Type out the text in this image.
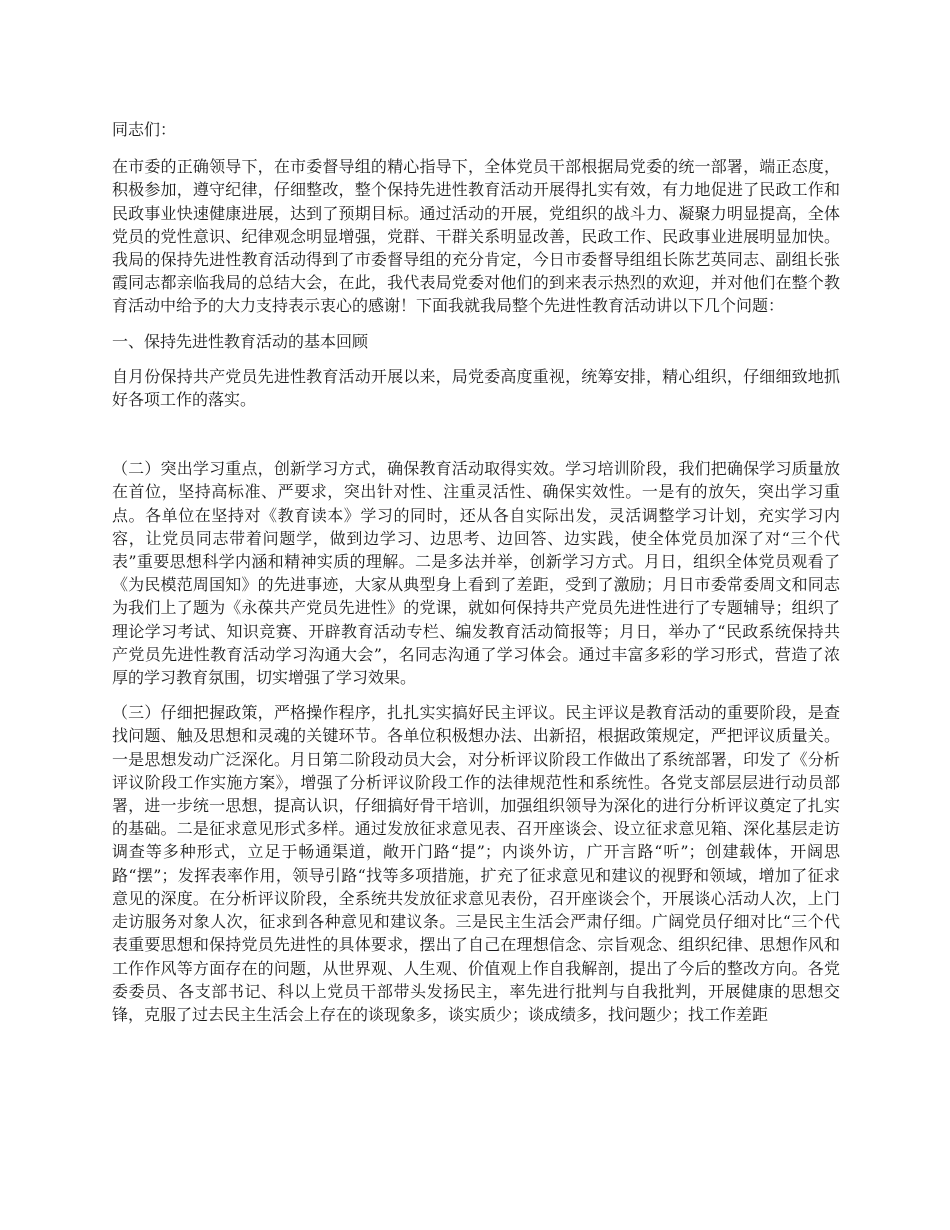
同志们：

在市委的正确领导下，在市委督导组的精心指导下，全体党员干部根据局党委的统一部署，端正态度，积极参加，遵守纪律，仔细整改，整个保持先进性教育活动开展得扎实有效，有力地促进了民政工作和民政事业快速健康进展，达到了预期目标。通过活动的开展，党组织的战斗力、凝聚力明显提高，全体党员的党性意识、纪律观念明显增强，党群、干群关系明显改善，民政工作、民政事业进展明显加快。我局的保持先进性教育活动得到了市委督导组的充分肯定，今日市委督导组组长陈艺英同志、副组长张霞同志都亲临我局的总结大会，在此，我代表局党委对他们的到来表示热烈的欢迎，并对他们在整个教育活动中给予的大力支持表示衷心的感谢！下面我就我局整个先进性教育活动讲以下几个问题：

一、保持先进性教育活动的基本回顾

自月份保持共产党员先进性教育活动开展以来，局党委高度重视，统筹安排，精心组织，仔细细致地抓好各项工作的落实。

（二）突出学习重点，创新学习方式，确保教育活动取得实效。学习培训阶段，我们把确保学习质量放在首位，坚持高标准、严要求，突出针对性、注重灵活性、确保实效性。一是有的放矢，突出学习重点。各单位在坚持对《教育读本》学习的同时，还从各自实际出发，灵活调整学习计划，充实学习内容，让党员同志带着问题学，做到边学习、边思考、边回答、边实践，使全体党员加深了对“三个代表”重要思想科学内涵和精神实质的理解。二是多法并举，创新学习方式。月日，组织全体党员观看了《为民模范周国知》的先进事迹，大家从典型身上看到了差距，受到了激励；月日市委常委周文和同志为我们上了题为《永葆共产党员先进性》的党课，就如何保持共产党员先进性进行了专题辅导；组织了理论学习考试、知识竞赛、开辟教育活动专栏、编发教育活动简报等；月日，举办了“民政系统保持共产党员先进性教育活动学习沟通大会”，名同志沟通了学习体会。通过丰富多彩的学习形式，营造了浓厚的学习教育氛围，切实增强了学习效果。

（三）仔细把握政策，严格操作程序，扎扎实实搞好民主评议。民主评议是教育活动的重要阶段，是查找问题、触及思想和灵魂的关键环节。各单位积极想办法、出新招，根据政策规定，严把评议质量关。一是思想发动广泛深化。月日第二阶段动员大会，对分析评议阶段工作做出了系统部署，印发了《分析评议阶段工作实施方案》，增强了分析评议阶段工作的法律规范性和系统性。各党支部层层进行动员部署，进一步统一思想，提高认识，仔细搞好骨干培训，加强组织领导为深化的进行分析评议奠定了扎实的基础。二是征求意见形式多样。通过发放征求意见表、召开座谈会、设立征求意见箱、深化基层走访调查等多种形式，立足于畅通渠道，敞开门路“提”；内谈外访，广开言路“听”；创建载体，开阔思路“摆”；发挥表率作用，领导引路“找等多项措施，扩充了征求意见和建议的视野和领域，增加了征求意见的深度。在分析评议阶段，全系统共发放征求意见表份，召开座谈会个，开展谈心活动人次，上门走访服务对象人次，征求到各种意见和建议条。三是民主生活会严肃仔细。广阔党员仔细对比“三个代表重要思想和保持党员先进性的具体要求，摆出了自己在理想信念、宗旨观念、组织纪律、思想作风和工作作风等方面存在的问题，从世界观、人生观、价值观上作自我解剖，提出了今后的整改方向。各党委委员、各支部书记、科以上党员干部带头发扬民主，率先进行批判与自我批判，开展健康的思想交锋，克服了过去民主生活会上存在的谈现象多，谈实质少；谈成绩多，找问题少；找工作差距
